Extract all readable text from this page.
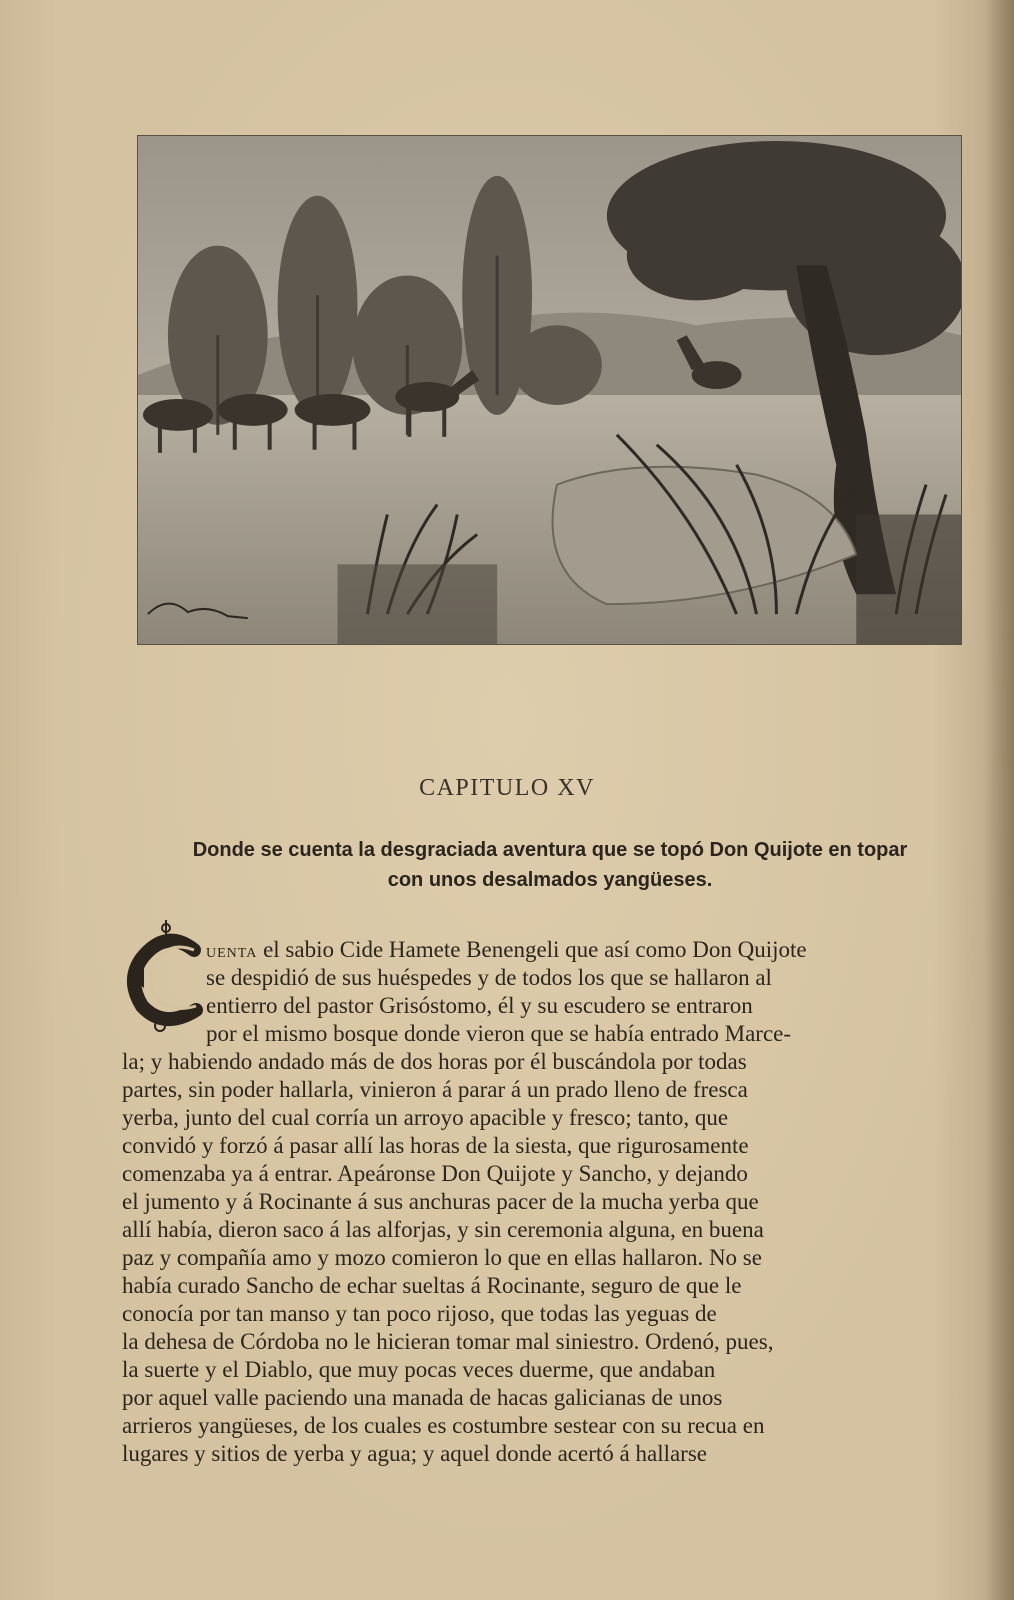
CAPITULO XV
Donde se cuenta la desgraciada aventura que se topó Don Quijote en topar
con unos desalmados yangüeses.
uenta el sabio Cide Hamete Benengeli que así como Don Quijote
se despidió de sus huéspedes y de todos los que se hallaron al
entierro del pastor Grisóstomo, él y su escudero se entraron
por el mismo bosque donde vieron que se había entrado Marce-
la; y habiendo andado más de dos horas por él buscándola por todas
partes, sin poder hallarla, vinieron á parar á un prado lleno de fresca
yerba, junto del cual corría un arroyo apacible y fresco; tanto, que
convidó y forzó á pasar allí las horas de la siesta, que rigurosamente
comenzaba ya á entrar. Apeáronse Don Quijote y Sancho, y dejando
el jumento y á Rocinante á sus anchuras pacer de la mucha yerba que
allí había, dieron saco á las alforjas, y sin ceremonia alguna, en buena
paz y compañía amo y mozo comieron lo que en ellas hallaron. No se
había curado Sancho de echar sueltas á Rocinante, seguro de que le
conocía por tan manso y tan poco rijoso, que todas las yeguas de
la dehesa de Córdoba no le hicieran tomar mal siniestro. Ordenó, pues,
la suerte y el Diablo, que muy pocas veces duerme, que andaban
por aquel valle paciendo una manada de hacas galicianas de unos
arrieros yangüeses, de los cuales es costumbre sestear con su recua en
lugares y sitios de yerba y agua; y aquel donde acertó á hallarse
